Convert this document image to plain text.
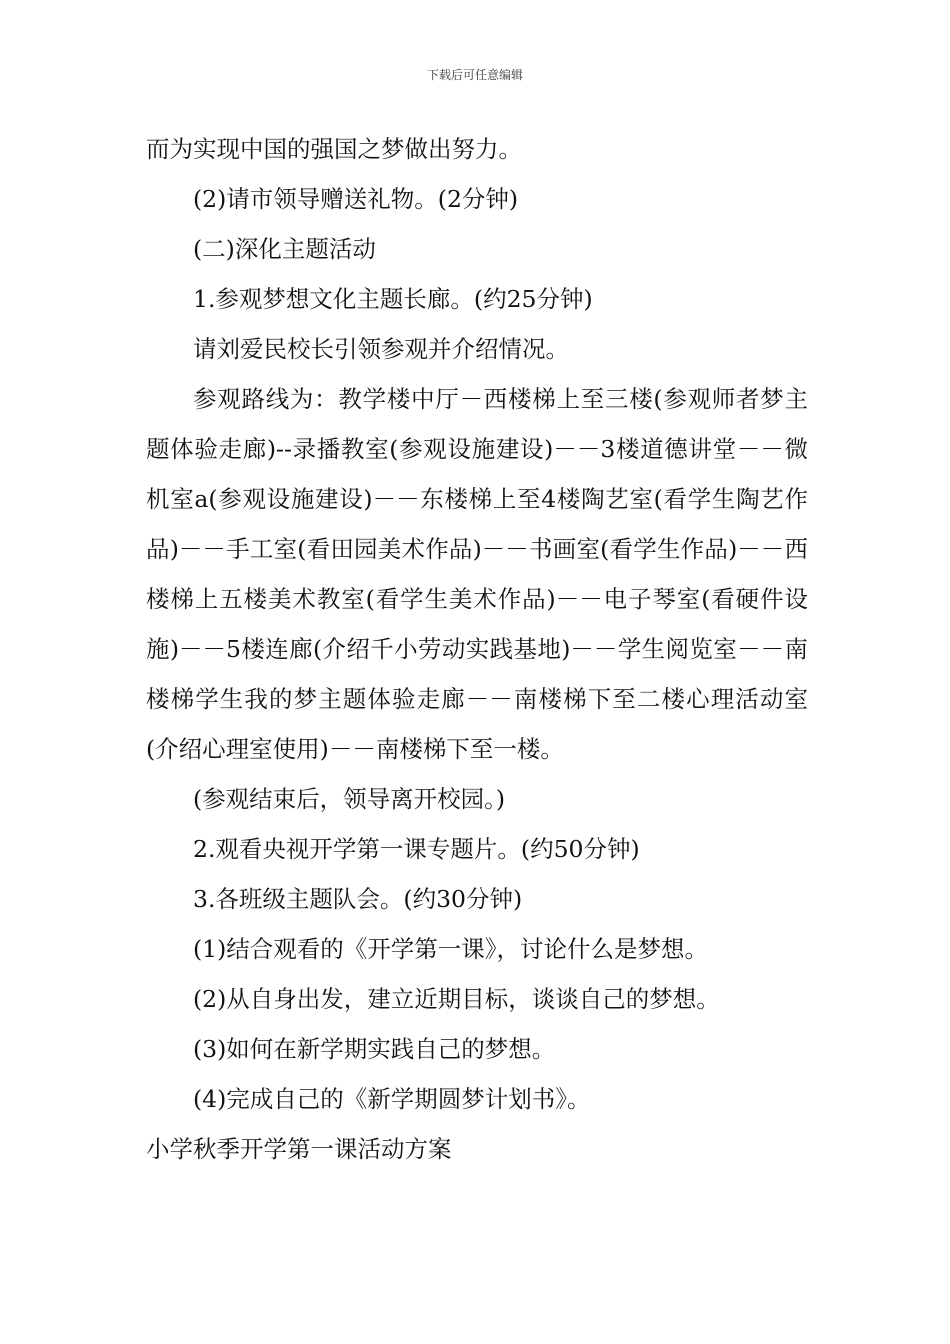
下载后可任意编辑

而为实现中国的强国之梦做出努力。

(2)请市领导赠送礼物。(2分钟)

(二)深化主题活动

1.参观梦想文化主题长廊。(约25分钟)

请刘爱民校长引领参观并介绍情况。

参观路线为：教学楼中厅－西楼梯上至三楼(参观师者梦主题体验走廊)--录播教室(参观设施建设)－－3楼道德讲堂－－微机室a(参观设施建设)－－东楼梯上至4楼陶艺室(看学生陶艺作品)－－手工室(看田园美术作品)－－书画室(看学生作品)－－西楼梯上五楼美术教室(看学生美术作品)－－电子琴室(看硬件设施)－－5楼连廊(介绍千小劳动实践基地)－－学生阅览室－－南楼梯学生我的梦主题体验走廊－－南楼梯下至二楼心理活动室(介绍心理室使用)－－南楼梯下至一楼。

(参观结束后，领导离开校园。)

2.观看央视开学第一课专题片。(约50分钟)

3.各班级主题队会。(约30分钟)

(1)结合观看的《开学第一课》，讨论什么是梦想。

(2)从自身出发，建立近期目标，谈谈自己的梦想。

(3)如何在新学期实践自己的梦想。

(4)完成自己的《新学期圆梦计划书》。

小学秋季开学第一课活动方案
